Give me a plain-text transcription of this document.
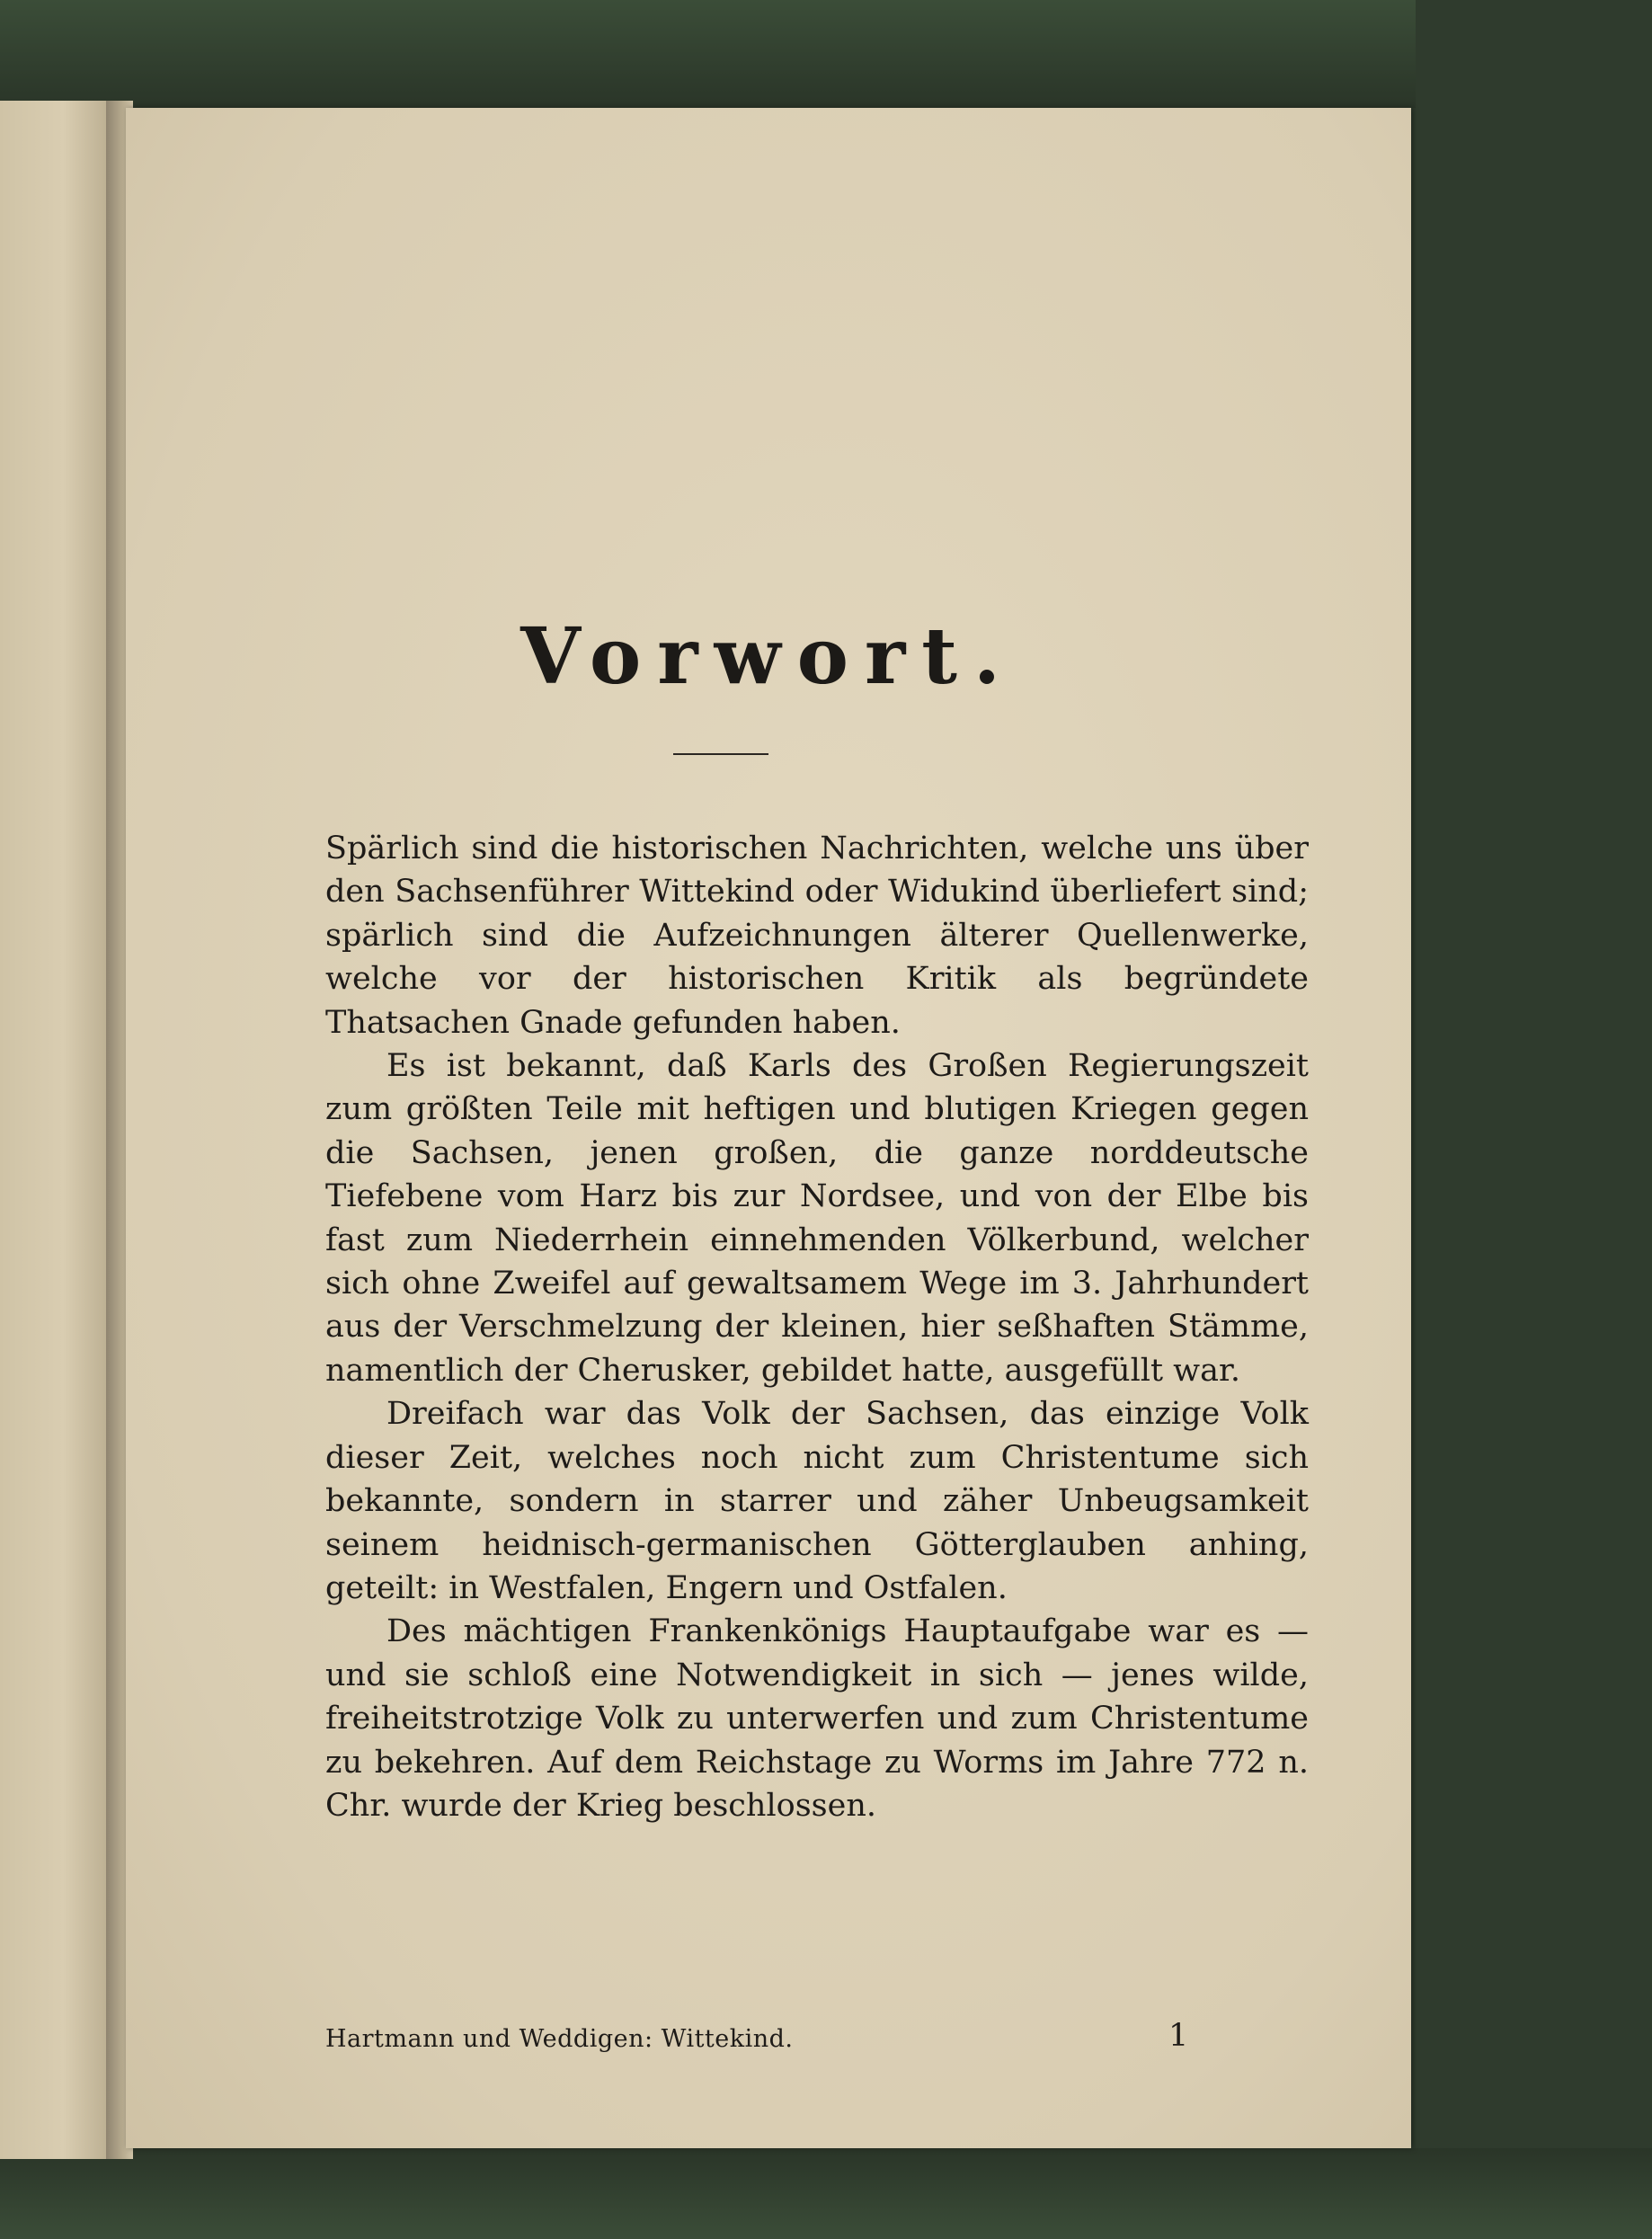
Vorwort.

Spärlich sind die historischen Nachrichten, welche uns über den Sachsenführer Wittekind oder Widukind überliefert sind; spärlich sind die Aufzeichnungen älterer Quellenwerke, welche vor der historischen Kritik als begründete Thatsachen Gnade gefunden haben.

Es ist bekannt, daß Karls des Großen Regierungszeit zum größten Teile mit heftigen und blutigen Kriegen gegen die Sachsen, jenen großen, die ganze norddeutsche Tiefebene vom Harz bis zur Nordsee, und von der Elbe bis fast zum Niederrhein einnehmenden Völkerbund, welcher sich ohne Zweifel auf gewaltsamem Wege im 3. Jahrhundert aus der Verschmelzung der kleinen, hier seßhaften Stämme, namentlich der Cherusker, gebildet hatte, ausgefüllt war.

Dreifach war das Volk der Sachsen, das einzige Volk dieser Zeit, welches noch nicht zum Christentume sich bekannte, sondern in starrer und zäher Unbeugsamkeit seinem heidnisch-germanischen Götterglauben anhing, geteilt: in Westfalen, Engern und Ostfalen.

Des mächtigen Frankenkönigs Hauptaufgabe war es — und sie schloß eine Notwendigkeit in sich — jenes wilde, freiheitstrotzige Volk zu unterwerfen und zum Christentume zu bekehren. Auf dem Reichstage zu Worms im Jahre 772 n. Chr. wurde der Krieg beschlossen.

Hartmann und Weddigen: Wittekind.	1
